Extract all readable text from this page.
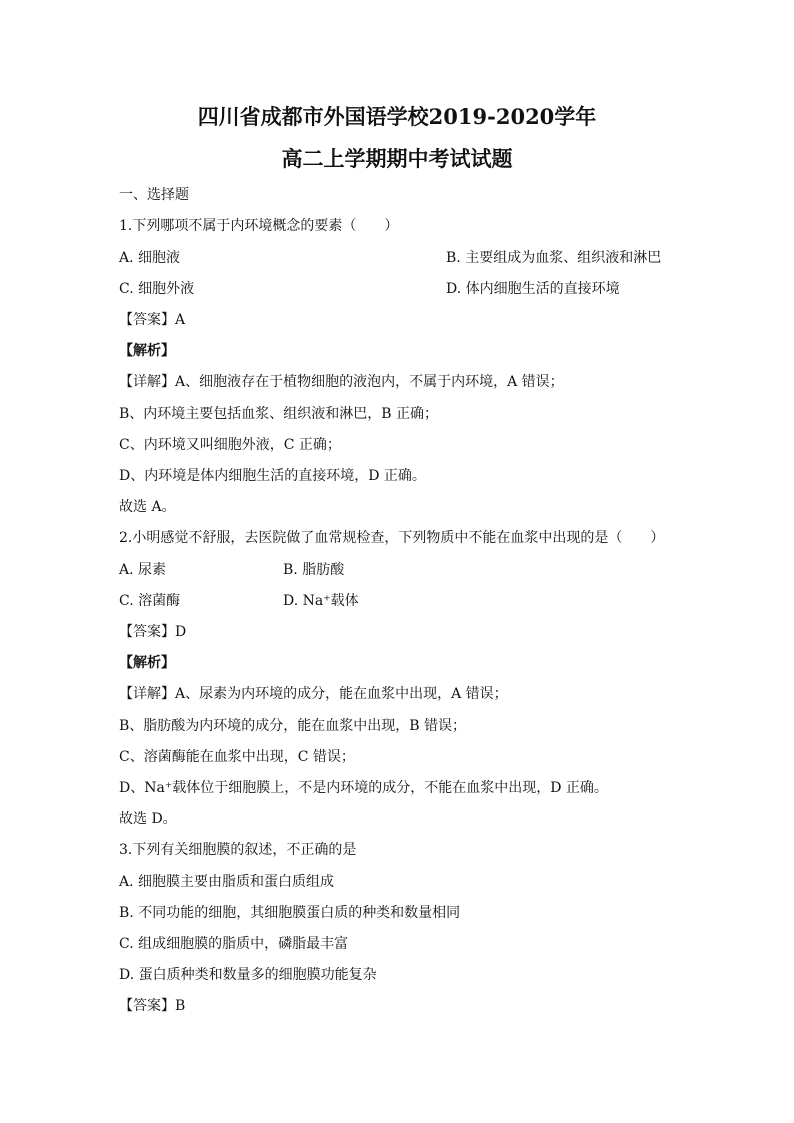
四川省成都市外国语学校2019-2020学年
高二上学期期中考试试题
一、选择题
1.下列哪项不属于内环境概念的要素（　　）
A. 细胞液	B. 主要组成为血浆、组织液和淋巴
C. 细胞外液	D. 体内细胞生活的直接环境
【答案】A
【解析】
【详解】A、细胞液存在于植物细胞的液泡内，不属于内环境，A 错误；
B、内环境主要包括血浆、组织液和淋巴，B 正确；
C、内环境又叫细胞外液，C 正确；
D、内环境是体内细胞生活的直接环境，D 正确。
故选 A。
2.小明感觉不舒服，去医院做了血常规检查，下列物质中不能在血浆中出现的是（　　）
A. 尿素	B. 脂肪酸
C. 溶菌酶	D. Na⁺载体
【答案】D
【解析】
【详解】A、尿素为内环境的成分，能在血浆中出现，A 错误；
B、脂肪酸为内环境的成分，能在血浆中出现，B 错误；
C、溶菌酶能在血浆中出现，C 错误；
D、Na⁺载体位于细胞膜上，不是内环境的成分，不能在血浆中出现，D 正确。
故选 D。
3.下列有关细胞膜的叙述，不正确的是
A. 细胞膜主要由脂质和蛋白质组成
B. 不同功能的细胞，其细胞膜蛋白质的种类和数量相同
C. 组成细胞膜的脂质中，磷脂最丰富
D. 蛋白质种类和数量多的细胞膜功能复杂
【答案】B
